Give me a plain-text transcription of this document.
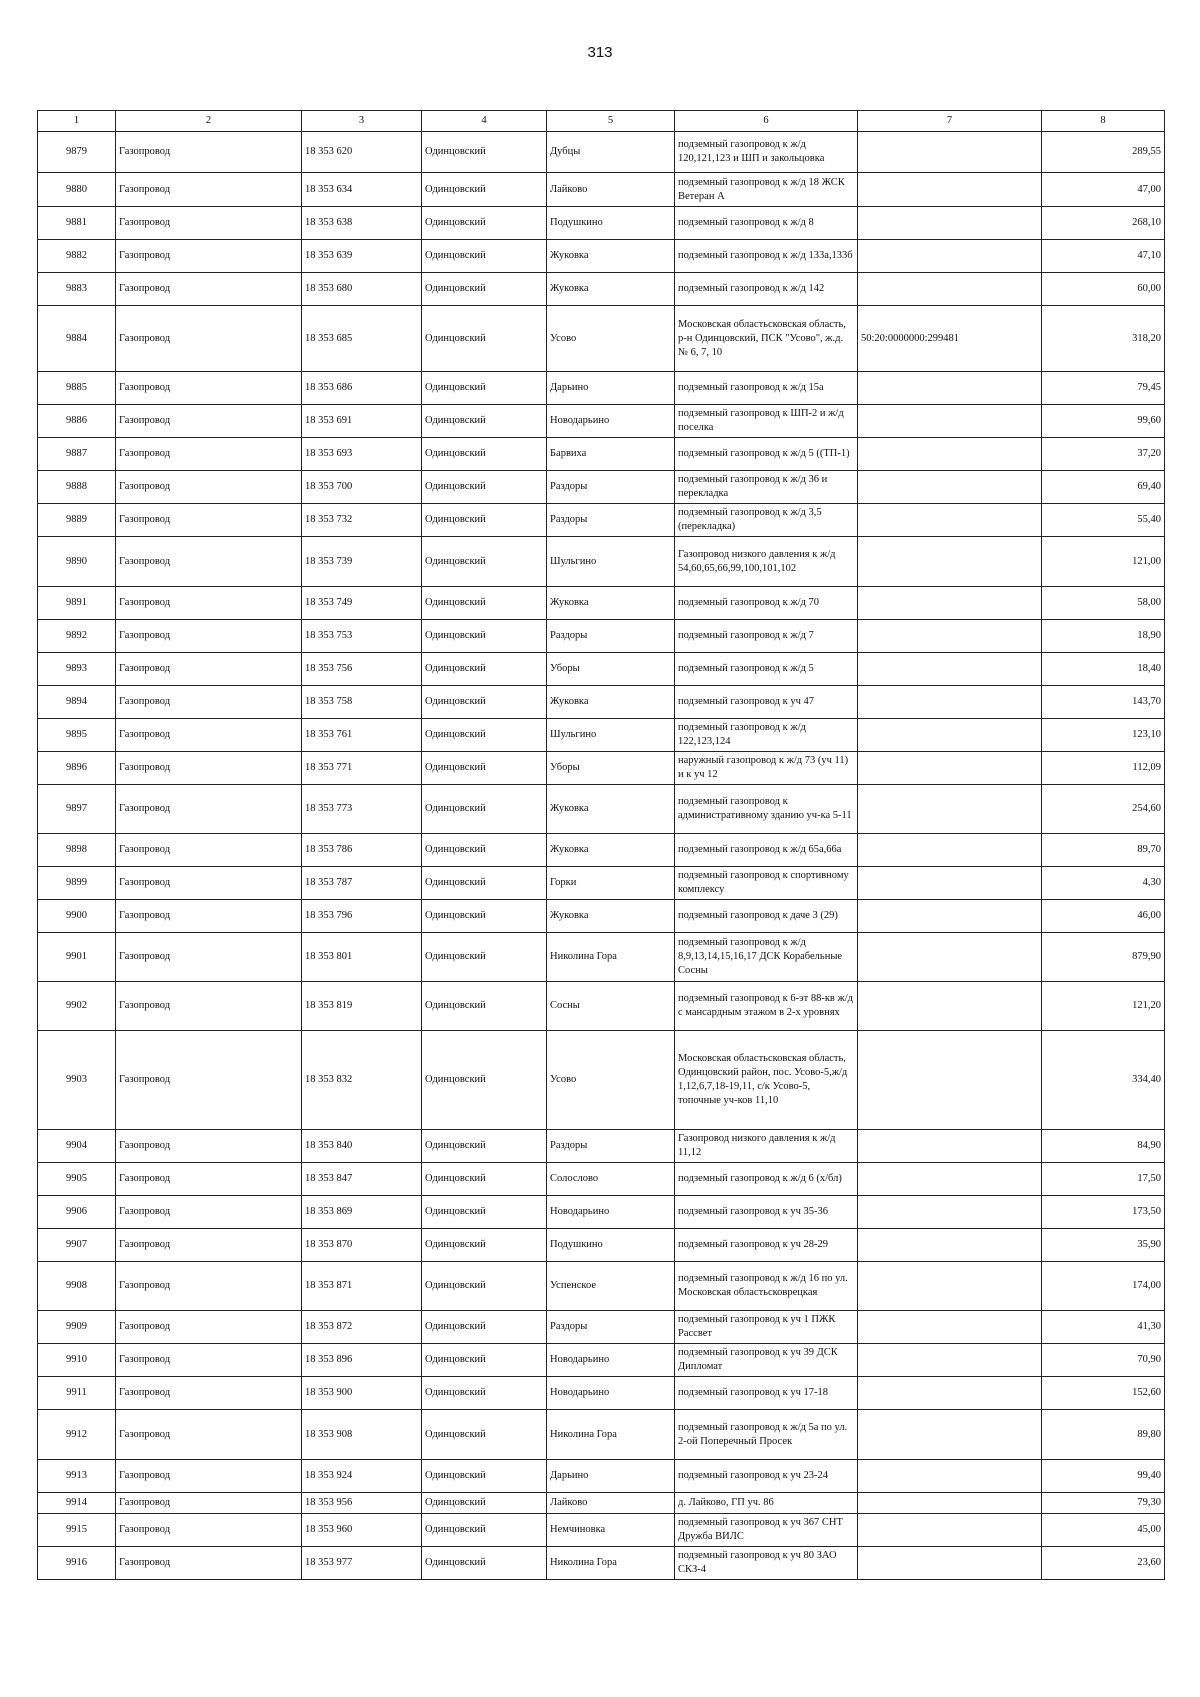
313
1	2	3	4	5	6	7	8
9879	Газопровод	18 353 620	Одинцовский	Дубцы	подземный газопровод к ж/д 120,121,123 и ШП и закольцовка		289,55
9880	Газопровод	18 353 634	Одинцовский	Лайково	подземный газопровод к ж/д 18 ЖСК Ветеран А		47,00
9881	Газопровод	18 353 638	Одинцовский	Подушкино	подземный газопровод к ж/д 8		268,10
9882	Газопровод	18 353 639	Одинцовский	Жуковка	подземный газопровод к ж/д 133а,133б		47,10
9883	Газопровод	18 353 680	Одинцовский	Жуковка	подземный газопровод к ж/д 142		60,00
9884	Газопровод	18 353 685	Одинцовский	Усово	Московская областьсковская область, р-н Одинцовский, ПСК "Усово", ж.д. № 6, 7, 10	50:20:0000000:299481	318,20
9885	Газопровод	18 353 686	Одинцовский	Дарьино	подземный газопровод к ж/д 15а		79,45
9886	Газопровод	18 353 691	Одинцовский	Новодарьино	подземный газопровод к ШП-2 и ж/д поселка		99,60
9887	Газопровод	18 353 693	Одинцовский	Барвиха	подземный газопровод к ж/д 5 ((ТП-1)		37,20
9888	Газопровод	18 353 700	Одинцовский	Раздоры	подземный газопровод к ж/д 36 и перекладка		69,40
9889	Газопровод	18 353 732	Одинцовский	Раздоры	подземный газопровод к ж/д 3,5 (перекладка)		55,40
9890	Газопровод	18 353 739	Одинцовский	Шульгино	Газопровод низкого давления к ж/д 54,60,65,66,99,100,101,102		121,00
9891	Газопровод	18 353 749	Одинцовский	Жуковка	подземный газопровод к ж/д 70		58,00
9892	Газопровод	18 353 753	Одинцовский	Раздоры	подземный газопровод к ж/д 7		18,90
9893	Газопровод	18 353 756	Одинцовский	Уборы	подземный газопровод к ж/д 5		18,40
9894	Газопровод	18 353 758	Одинцовский	Жуковка	подземный газопровод к уч 47		143,70
9895	Газопровод	18 353 761	Одинцовский	Шульгино	подземный газопровод к ж/д 122,123,124		123,10
9896	Газопровод	18 353 771	Одинцовский	Уборы	наружный газопровод к ж/д 73 (уч 11) и к уч 12		112,09
9897	Газопровод	18 353 773	Одинцовский	Жуковка	подземный газопровод к административному зданию уч-ка 5-11		254,60
9898	Газопровод	18 353 786	Одинцовский	Жуковка	подземный газопровод к ж/д 65а,66а		89,70
9899	Газопровод	18 353 787	Одинцовский	Горки	подземный газопровод к спортивному комплексу		4,30
9900	Газопровод	18 353 796	Одинцовский	Жуковка	подземный газопровод к даче 3 (29)		46,00
9901	Газопровод	18 353 801	Одинцовский	Николина Гора	подземный газопровод к ж/д 8,9,13,14,15,16,17 ДСК Корабельные Сосны		879,90
9902	Газопровод	18 353 819	Одинцовский	Сосны	подземный газопровод к 6-эт 88-кв ж/д с мансардным этажом в 2-х уровнях		121,20
9903	Газопровод	18 353 832	Одинцовский	Усово	Московская областьсковская область, Одинцовский район, пос. Усово-5,ж/д 1,12,6,7,18-19,11, с/к Усово-5, топочные уч-ков 11,10		334,40
9904	Газопровод	18 353 840	Одинцовский	Раздоры	Газопровод низкого давления к ж/д 11,12		84,90
9905	Газопровод	18 353 847	Одинцовский	Солослово	подземный газопровод к ж/д 6 (х/бл)		17,50
9906	Газопровод	18 353 869	Одинцовский	Новодарьино	подземный газопровод к уч 35-36		173,50
9907	Газопровод	18 353 870	Одинцовский	Подушкино	подземный газопровод к уч 28-29		35,90
9908	Газопровод	18 353 871	Одинцовский	Успенское	подземный газопровод к ж/д 16 по ул. Московская областьсковрецкая		174,00
9909	Газопровод	18 353 872	Одинцовский	Раздоры	подземный газопровод к уч 1 ПЖК Рассвет		41,30
9910	Газопровод	18 353 896	Одинцовский	Новодарьино	подземный газопровод к уч 39 ДСК Дипломат		70,90
9911	Газопровод	18 353 900	Одинцовский	Новодарьино	подземный газопровод к уч 17-18		152,60
9912	Газопровод	18 353 908	Одинцовский	Николина Гора	подземный газопровод к ж/д 5а по ул. 2-ой Поперечный Просек		89,80
9913	Газопровод	18 353 924	Одинцовский	Дарьино	подземный газопровод к уч 23-24		99,40
9914	Газопровод	18 353 956	Одинцовский	Лайково	д. Лайково, ГП уч. 86		79,30
9915	Газопровод	18 353 960	Одинцовский	Немчиновка	подземный газопровод к уч 367 СНТ Дружба ВИЛС		45,00
9916	Газопровод	18 353 977	Одинцовский	Николина Гора	подземный газопровод к уч 80 ЗАО СКЗ-4		23,60
